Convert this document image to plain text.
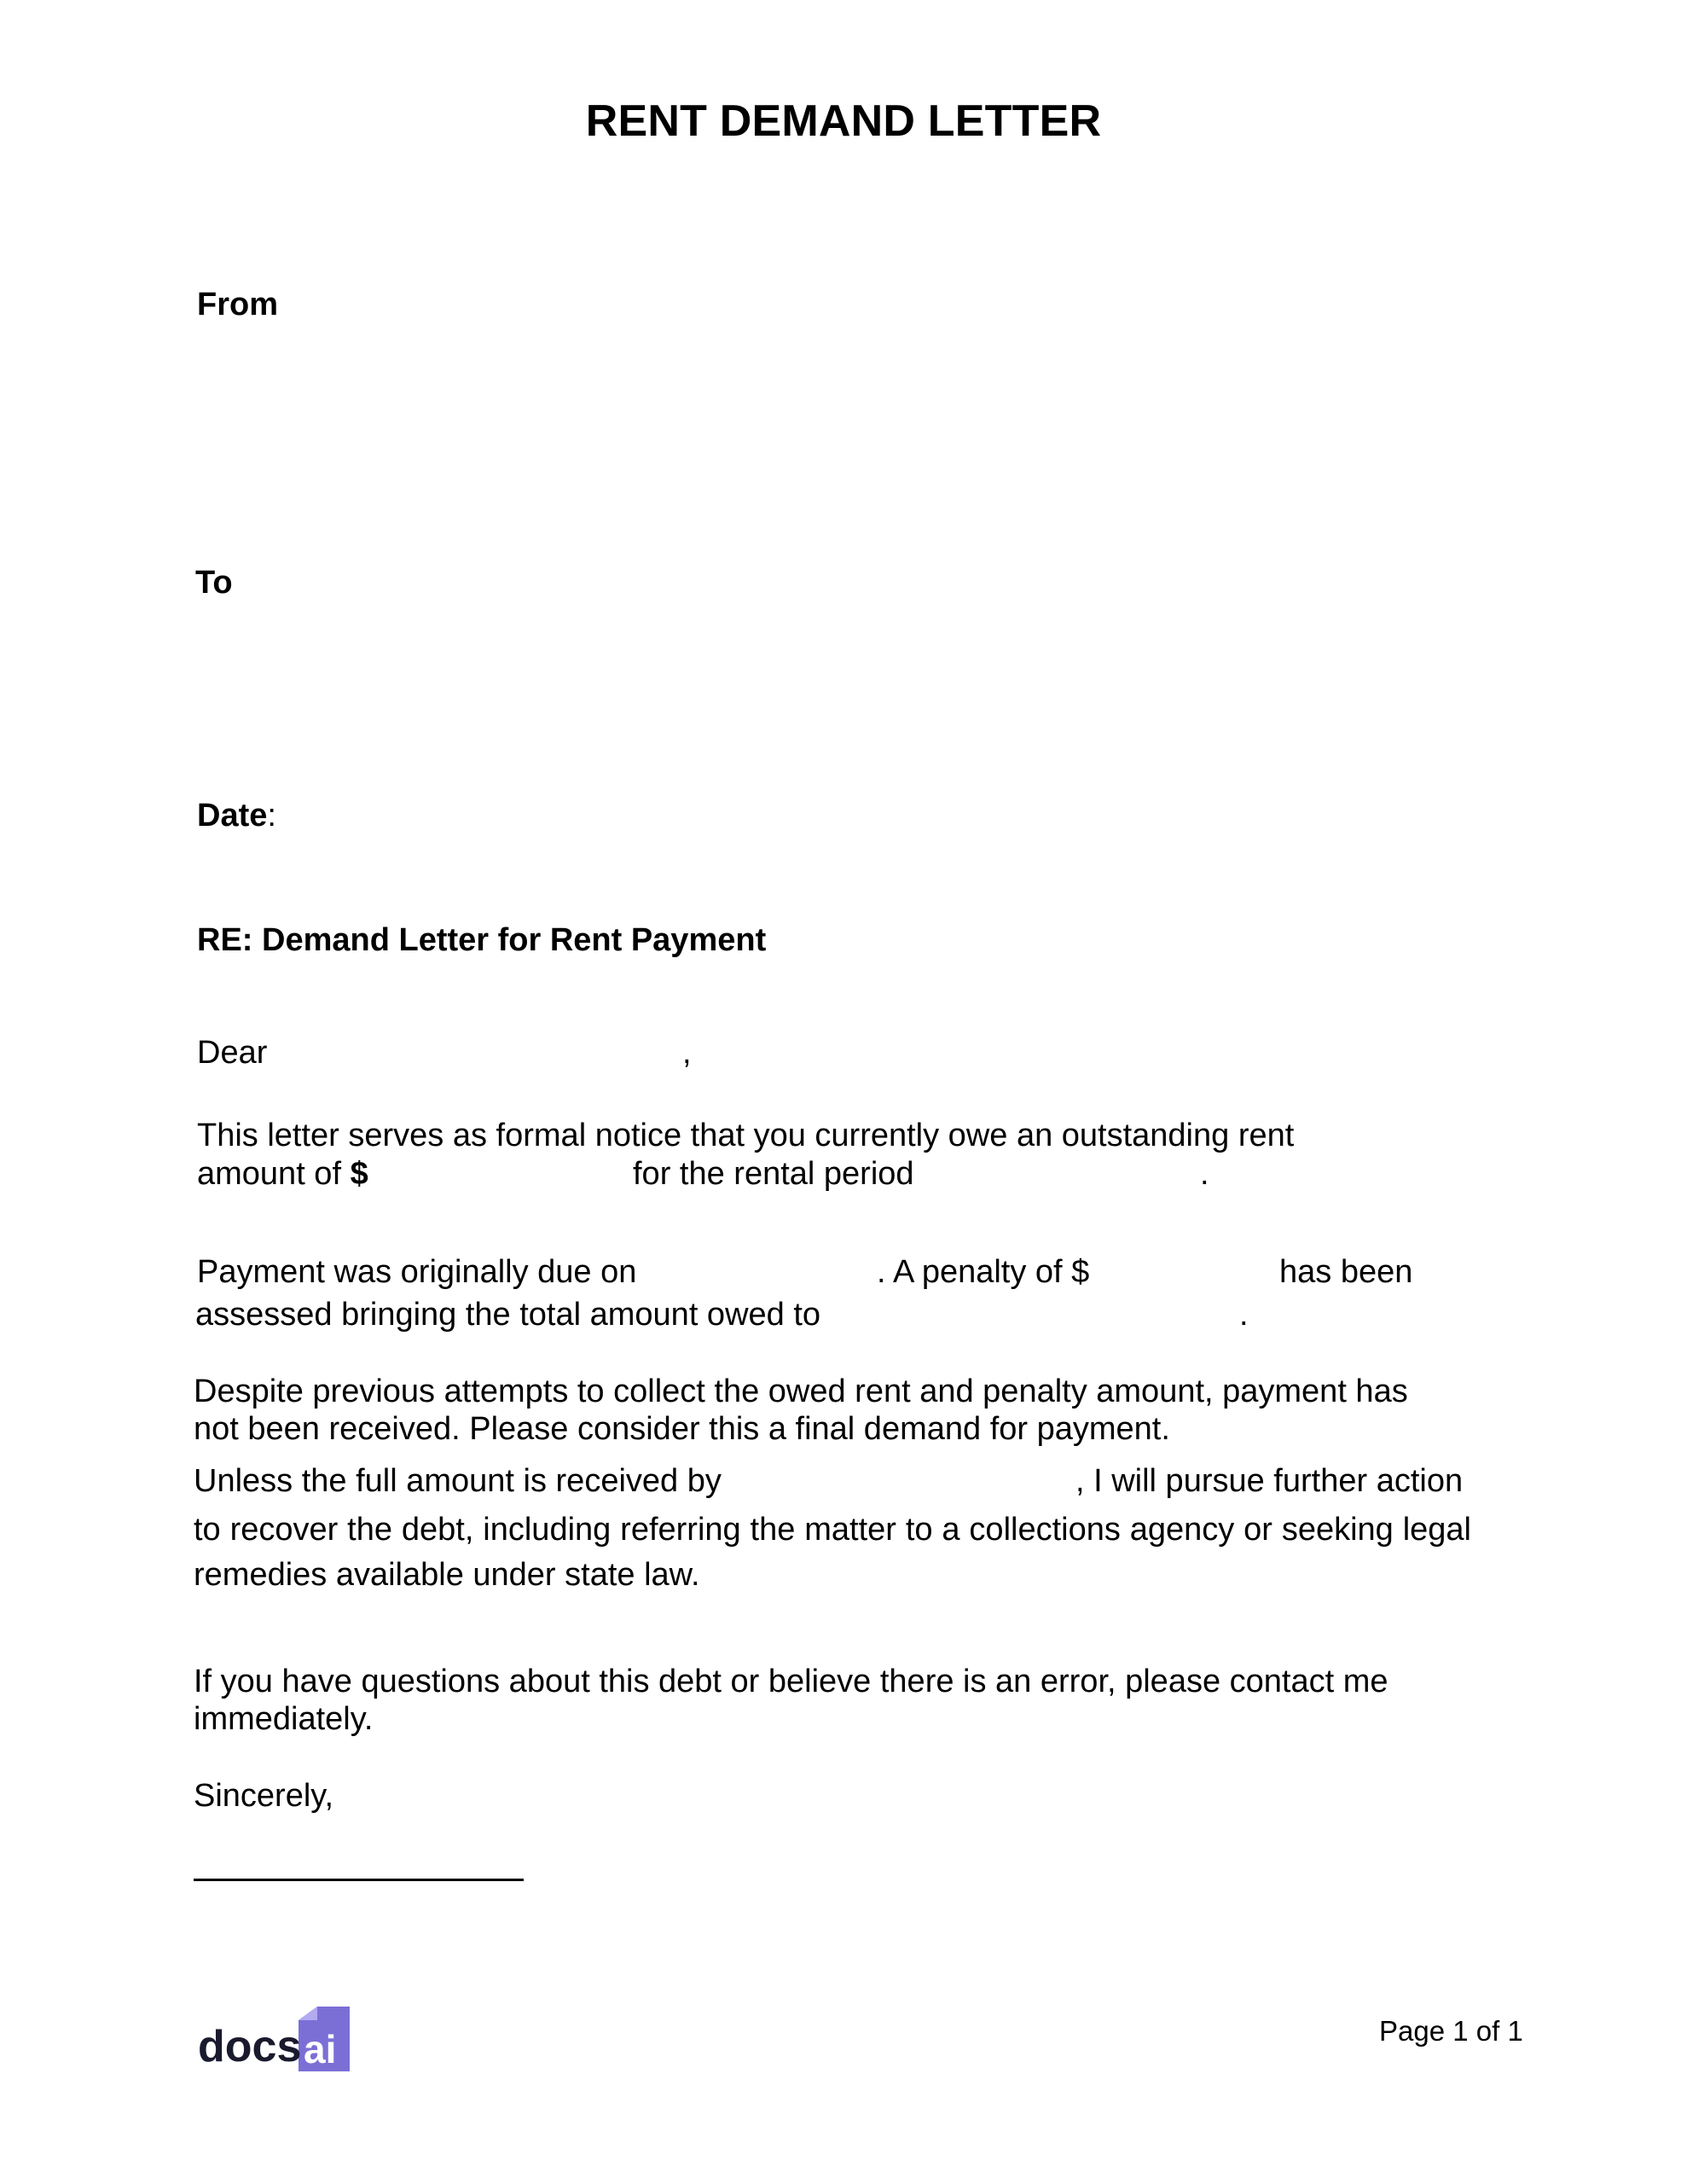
RENT DEMAND LETTER
From
To
Date:
RE: Demand Letter for Rent Payment
Dear	,
This letter serves as formal notice that you currently owe an outstanding rent
amount of $	for the rental period	.
Payment was originally due on	. A penalty of $	has been
assessed bringing the total amount owed to	.
Despite previous attempts to collect the owed rent and penalty amount, payment has
not been received. Please consider this a final demand for payment.
Unless the full amount is received by	, I will pursue further action
to recover the debt, including referring the matter to a collections agency or seeking legal remedies available under state law.
If you have questions about this debt or believe there is an error, please contact me
immediately.
Sincerely,
docs ai	Page 1 of 1
